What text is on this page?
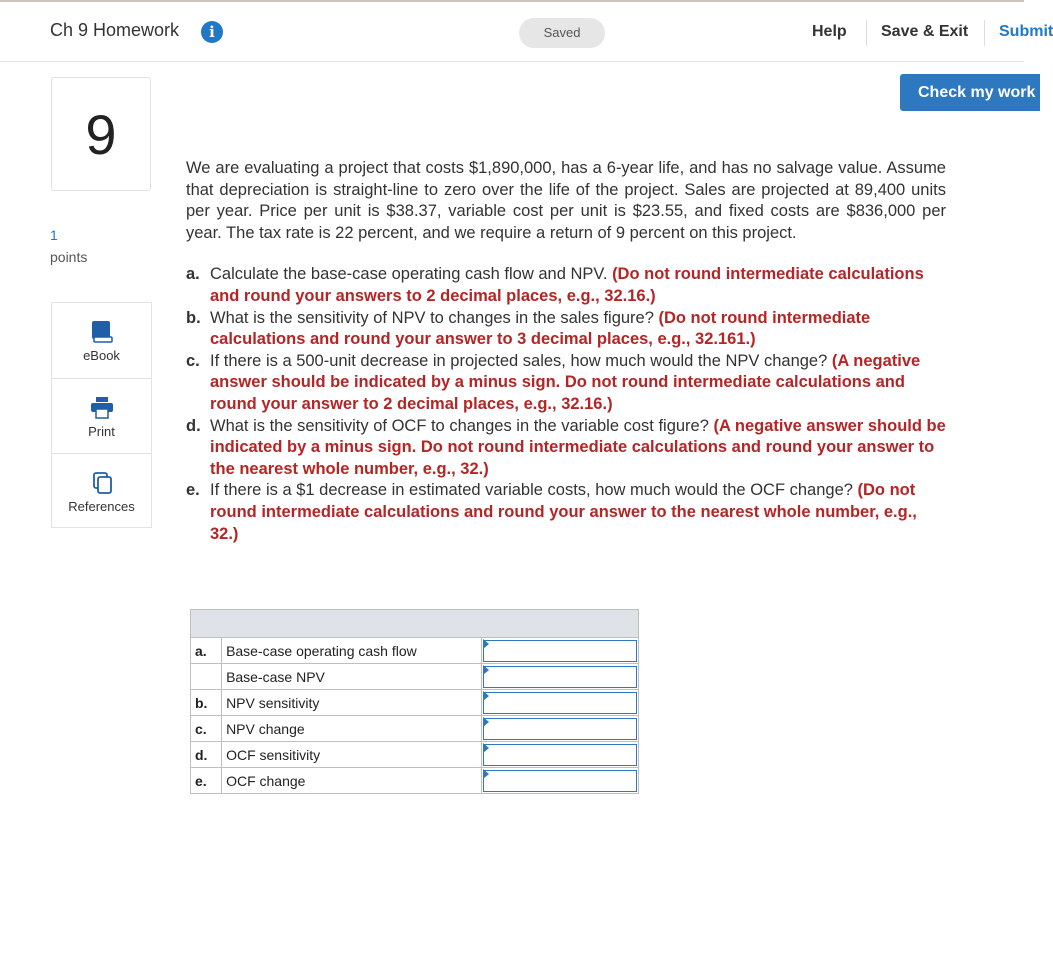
Ch 9 Homework	i	Saved	Help Save & Exit Submit
Check my work
9
1
points
eBook
Print
References

We are evaluating a project that costs $1,890,000, has a 6-year life, and has no salvage value. Assume that depreciation is straight-line to zero over the life of the project. Sales are projected at 89,400 units per year. Price per unit is $38.37, variable cost per unit is $23.55, and fixed costs are $836,000 per year. The tax rate is 22 percent, and we require a return of 9 percent on this project.

a. Calculate the base-case operating cash flow and NPV. (Do not round intermediate calculations and round your answers to 2 decimal places, e.g., 32.16.)
b. What is the sensitivity of NPV to changes in the sales figure? (Do not round intermediate calculations and round your answer to 3 decimal places, e.g., 32.161.)
c. If there is a 500-unit decrease in projected sales, how much would the NPV change? (A negative answer should be indicated by a minus sign. Do not round intermediate calculations and round your answer to 2 decimal places, e.g., 32.16.)
d. What is the sensitivity of OCF to changes in the variable cost figure? (A negative answer should be indicated by a minus sign. Do not round intermediate calculations and round your answer to the nearest whole number, e.g., 32.)
e. If there is a $1 decrease in estimated variable costs, how much would the OCF change? (Do not round intermediate calculations and round your answer to the nearest whole number, e.g., 32.)

a.	Base-case operating cash flow	

	Base-case NPV	

b.	NPV sensitivity	

c.	NPV change	

d.	OCF sensitivity	

e.	OCF change	
